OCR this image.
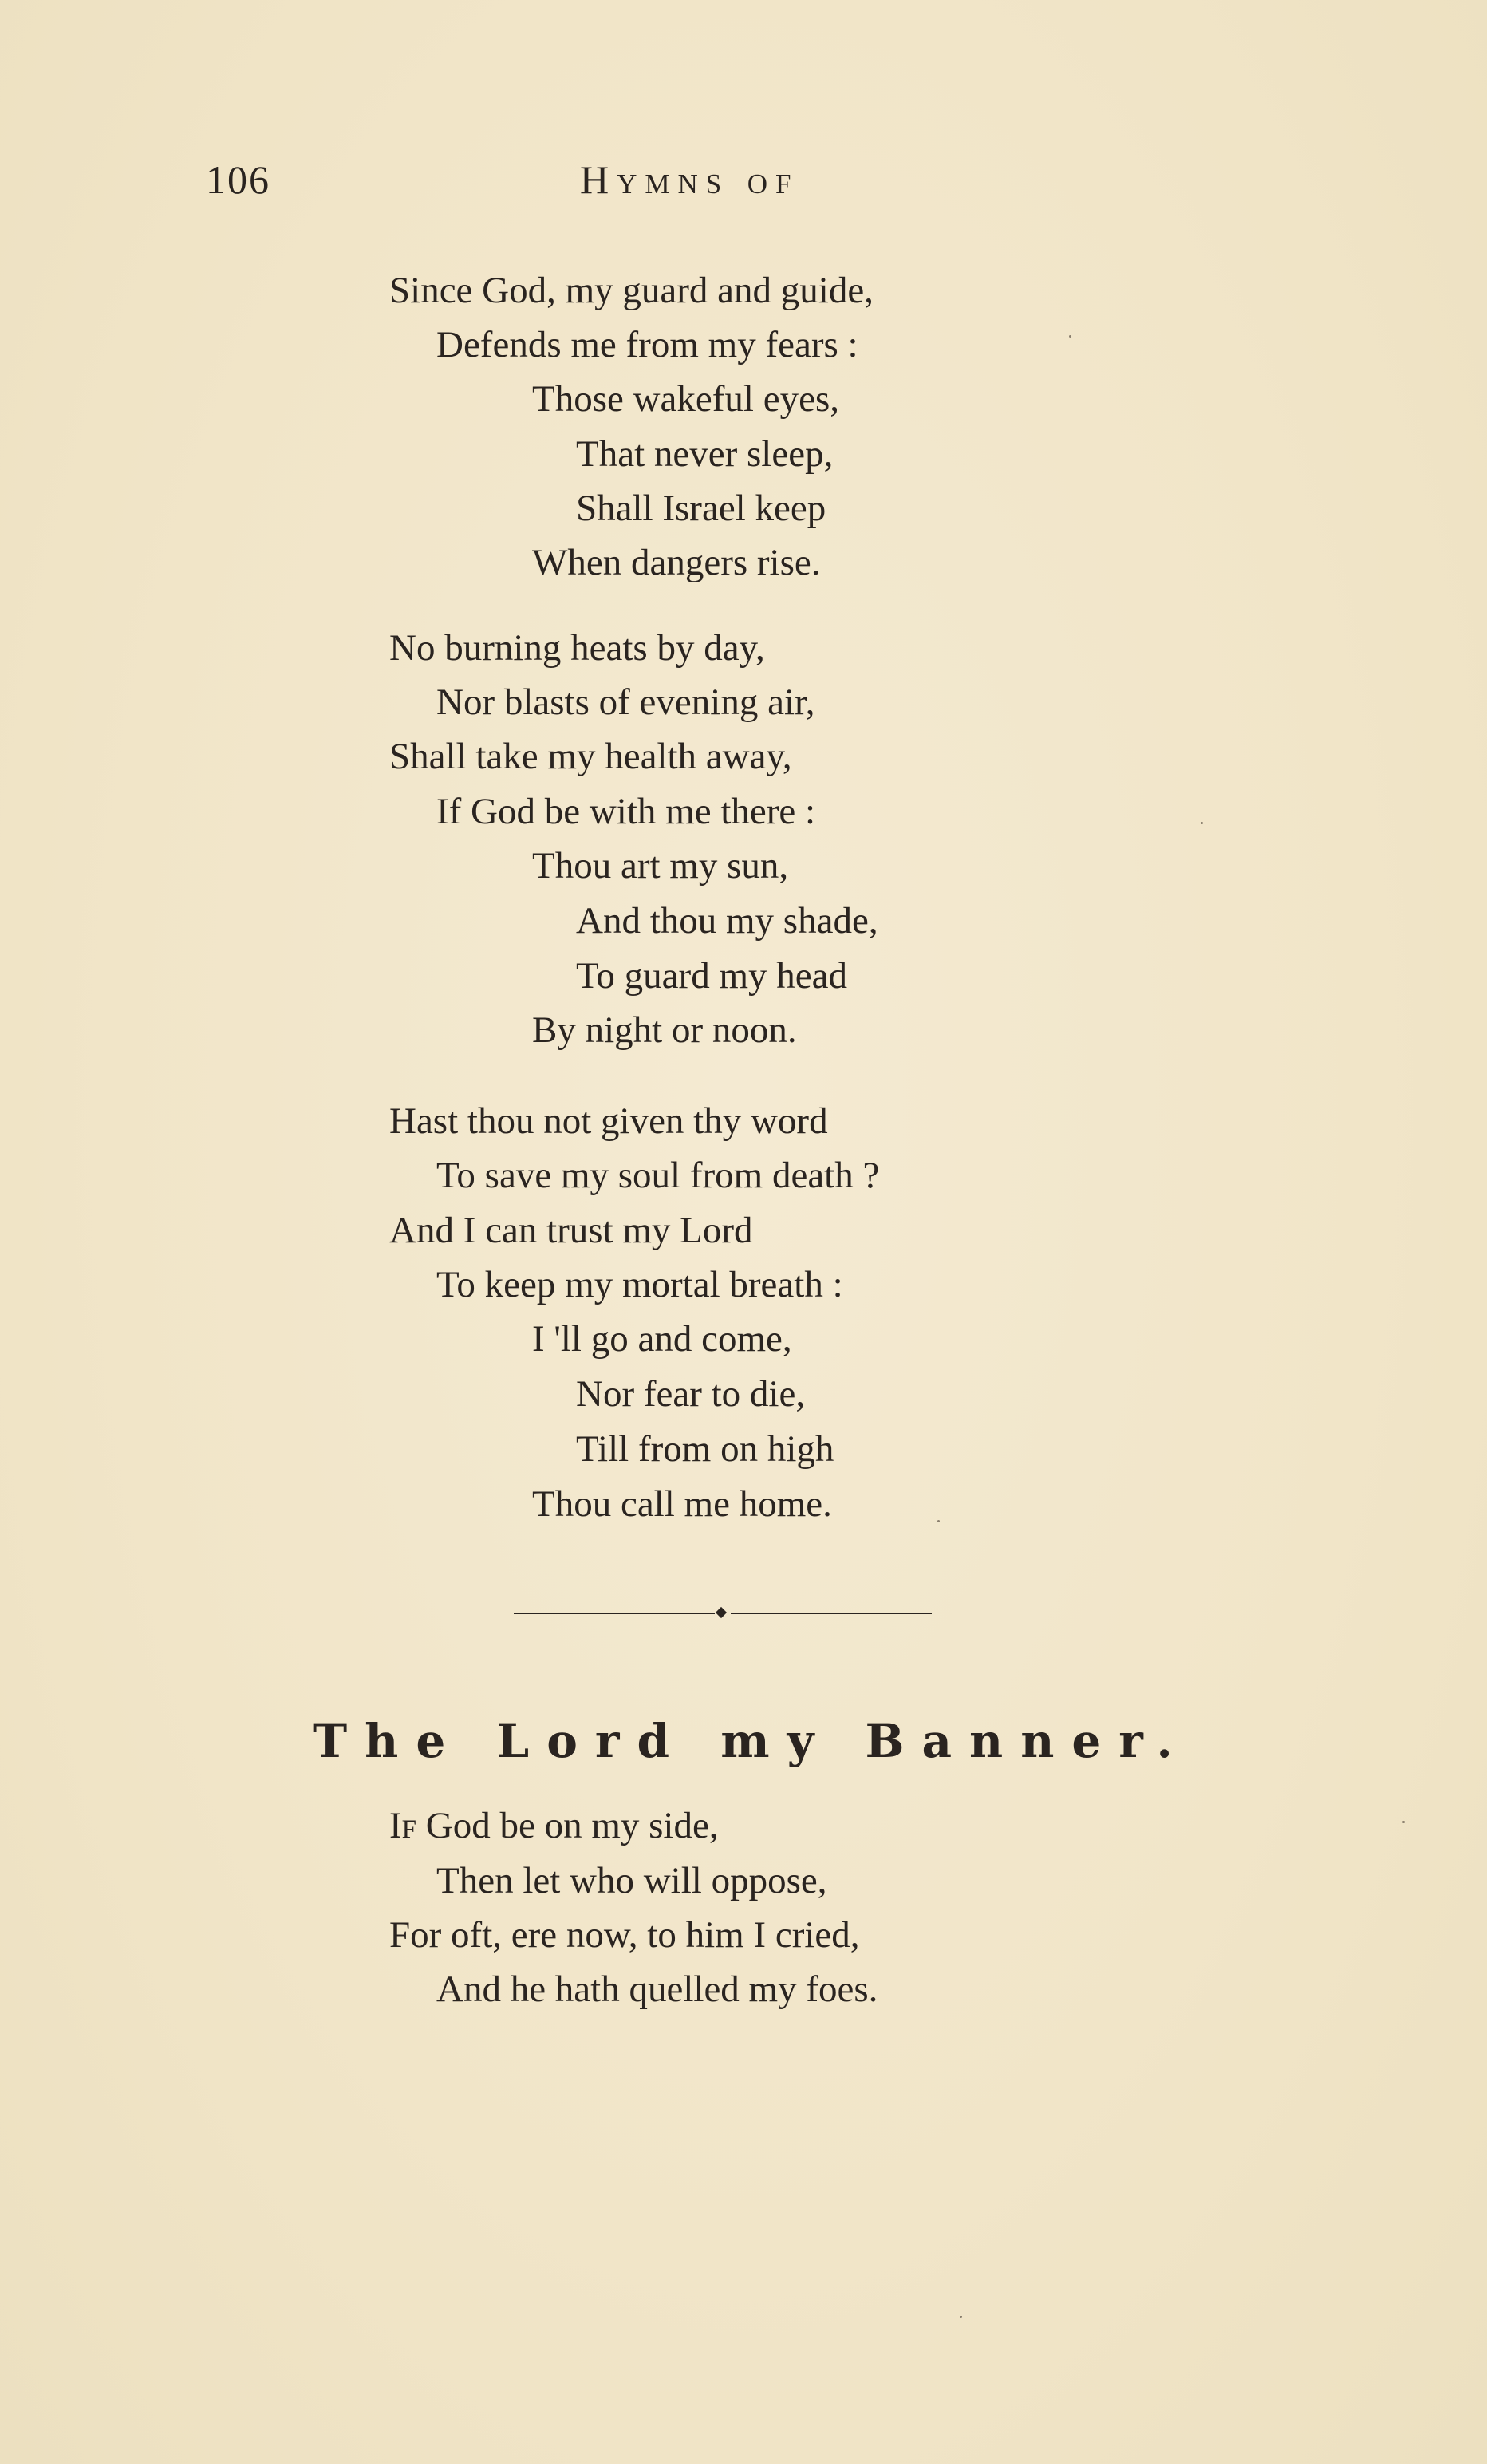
106	Hymns of
Since God, my guard and guide,
Defends me from my fears :
Those wakeful eyes,
That never sleep,
Shall Israel keep
When dangers rise.
No burning heats by day,
Nor blasts of evening air,
Shall take my health away,
If God be with me there :
Thou art my sun,
And thou my shade,
To guard my head
By night or noon.
Hast thou not given thy word
To save my soul from death ?
And I can trust my Lord
To keep my mortal breath :
I 'll go and come,
Nor fear to die,
Till from on high
Thou call me home.
The Lord my Banner.
If God be on my side,
Then let who will oppose,
For oft, ere now, to him I cried,
And he hath quelled my foes.
